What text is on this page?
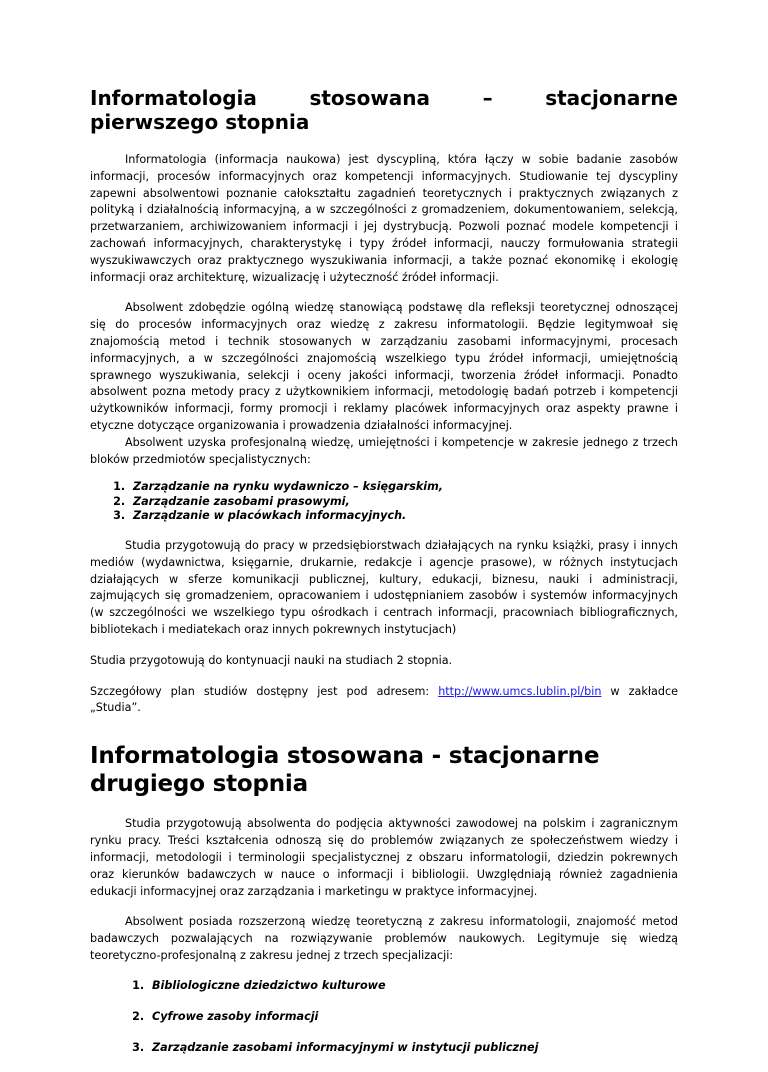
Informatologia	stosowana	–	stacjonarne
pierwszego stopnia

Informatologia (informacja naukowa) jest dyscypliną, która łączy w sobie badanie zasobów informacji, procesów informacyjnych oraz kompetencji informacyjnych. Studiowanie tej dyscypliny zapewni absolwentowi poznanie całokształtu zagadnień teoretycznych i praktycznych związanych z polityką i działalnością informacyjną, a w szczególności z gromadzeniem, dokumentowaniem, selekcją, przetwarzaniem, archiwizowaniem informacji i jej dystrybucją. Pozwoli poznać modele kompetencji i zachowań informacyjnych, charakterystykę i typy źródeł informacji, nauczy formułowania strategii wyszukiwawczych oraz praktycznego wyszukiwania informacji, a także poznać ekonomikę i ekologię informacji oraz architekturę, wizualizację i użyteczność źródeł informacji.

Absolwent zdobędzie ogólną wiedzę stanowiącą podstawę dla refleksji teoretycznej odnoszącej się do procesów informacyjnych oraz wiedzę z zakresu informatologii. Będzie legitymwoał się znajomością metod i technik stosowanych w zarządzaniu zasobami informacyjnymi, procesach informacyjnych, a w szczególności znajomością wszelkiego typu źródeł informacji, umiejętnością sprawnego wyszukiwania, selekcji i oceny jakości informacji, tworzenia źródeł informacji. Ponadto absolwent pozna metody pracy z użytkownikiem informacji, metodologię badań potrzeb i kompetencji użytkowników informacji, formy promocji i reklamy placówek informacyjnych oraz aspekty prawne i etyczne dotyczące organizowania i prowadzenia działalności informacyjnej.

Absolwent uzyska profesjonalną wiedzę, umiejętności i kompetencje w zakresie jednego z trzech bloków przedmiotów specjalistycznych:

1. Zarządzanie na rynku wydawniczo – księgarskim,
2. Zarządzanie zasobami prasowymi,
3. Zarządzanie w placówkach informacyjnych.

Studia przygotowują do pracy w przedsiębiorstwach działających na rynku książki, prasy i innych mediów (wydawnictwa, księgarnie, drukarnie, redakcje i agencje prasowe), w różnych instytucjach działających w sferze komunikacji publicznej, kultury, edukacji, biznesu, nauki i administracji, zajmujących się gromadzeniem, opracowaniem i udostępnianiem zasobów i systemów informacyjnych (w szczególności we wszelkiego typu ośrodkach i centrach informacji, pracowniach bibliograficznych, bibliotekach i mediatekach oraz innych pokrewnych instytucjach)

Studia przygotowują do kontynuacji nauki na studiach 2 stopnia.

Szczegółowy plan studiów dostępny jest pod adresem: http://www.umcs.lublin.pl/bin w zakładce „Studia”.

Informatologia stosowana - stacjonarne drugiego stopnia

Studia przygotowują absolwenta do podjęcia aktywności zawodowej na polskim i zagranicznym rynku pracy. Treści kształcenia odnoszą się do problemów związanych ze społeczeństwem wiedzy i informacji, metodologii i terminologii specjalistycznej z obszaru informatologii, dziedzin pokrewnych oraz kierunków badawczych w nauce o informacji i bibliologii. Uwzględniają również zagadnienia edukacji informacyjnej oraz zarządzania i marketingu w praktyce informacyjnej.

Absolwent posiada rozszerzoną wiedzę teoretyczną z zakresu informatologii, znajomość metod badawczych pozwalających na rozwiązywanie problemów naukowych. Legitymuje się wiedzą teoretyczno-profesjonalną z zakresu jednej z trzech specjalizacji:

1. Bibliologiczne dziedzictwo kulturowe
2. Cyfrowe zasoby informacji
3. Zarządzanie zasobami informacyjnymi w instytucji publicznej
